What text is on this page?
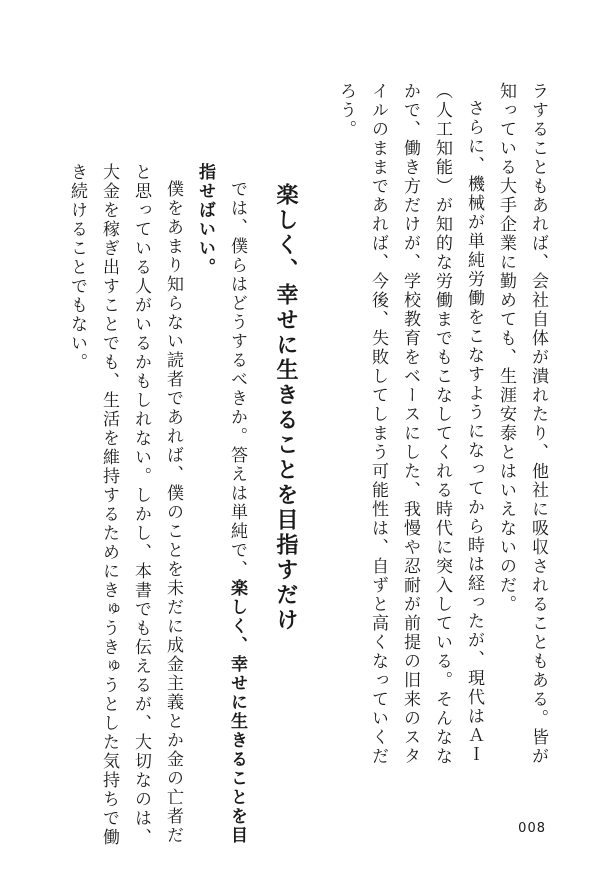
ラすることもあれば、会社自体が潰れたり、他社に吸収されることもある。皆が
知っている大手企業に勤めても、生涯安泰とはいえないのだ。
さらに、機械が単純労働をこなすようになってから時は経ったが、現代はＡＩ
（人工知能）が知的な労働までもこなしてくれる時代に突入している。そんなな
かで、働き方だけが、学校教育をベースにした、我慢や忍耐が前提の旧来のスタ
イルのままであれば、今後、失敗してしまう可能性は、自ずと高くなっていくだ
ろう。
楽しく、幸せに生きることを目指すだけ
では、僕らはどうするべきか。答えは単純で、楽しく、幸せに生きることを目
指せばいい。
僕をあまり知らない読者であれば、僕のことを未だに成金主義とか金の亡者だ
と思っている人がいるかもしれない。しかし、本書でも伝えるが、大切なのは、
大金を稼ぎ出すことでも、生活を維持するためにきゅうきゅうとした気持ちで働
き続けることでもない。
008
